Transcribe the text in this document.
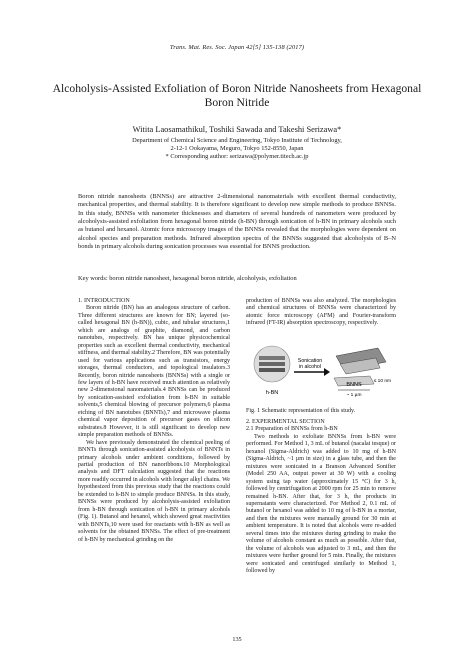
Trans. Mat. Res. Soc. Japan 42[5] 135-138 (2017)
Alcoholysis-Assisted Exfoliation of Boron Nitride Nanosheets from Hexagonal Boron Nitride
Witita Laosamathikul, Toshiki Sawada and Takeshi Serizawa*
Department of Chemical Science and Engineering, Tokyo Institute of Technology,
2-12-1 Ookayama, Meguro, Tokyo 152-8550, Japan
* Corresponding author: serizawa@polymer.titech.ac.jp
Boron nitride nanosheets (BNNSs) are attractive 2-dimensional nanomaterials with excellent thermal conductivity, mechanical properties, and thermal stability. It is therefore significant to develop new simple methods to produce BNNSs. In this study, BNNSs with nanometer thicknesses and diameters of several hundreds of nanometers were produced by alcoholysis-assisted exfoliation from hexagonal boron nitride (h-BN) through sonication of h-BN in primary alcohols such as butanol and hexanol. Atomic force microscopy images of the BNNSs revealed that the morphologies were dependent on alcohol species and preparation methods. Infrared absorption spectra of the BNNSs suggested that alcoholysis of B–N bonds in primary alcohols during sonication processes was essential for BNNS production.
Key words: boron nitride nanosheet, hexagonal boron nitride, alcoholysis, exfoliation

1. INTRODUCTION

Boron nitride (BN) has an analogous structure of carbon. Three different structures are known for BN; layered (so-called hexagonal BN (h-BN)), cubic, and tubular structures,1 which are analogs of graphite, diamond, and carbon nanotubes, respectively. BN has unique physicochemical properties such as excellent thermal conductivity, mechanical stiffness, and thermal stability.2 Therefore, BN was potentially used for various applications such as transistors, energy storages, thermal conductors, and topological insulators.3 Recently, boron nitride nanosheets (BNNSs) with a single or few layers of h-BN have received much attention as relatively new 2-dimensional nanomaterials.4 BNNSs can be produced by sonication-assisted exfoliation from h-BN in suitable solvents,5 chemical blowing of precursor polymers,6 plasma etching of BN nanotubes (BNNTs),7 and microwave plasma chemical vapor deposition of precursor gases on silicon substrates.8 However, it is still significant to develop new simple preparation methods of BNNSs.

We have previously demonstrated the chemical peeling of BNNTs through sonication-assisted alcoholysis of BNNTs in primary alcohols under ambient conditions, followed by partial production of BN nanoribbons.10 Morphological analysis and DFT calculation suggested that the reactions more readily occurred in alcohols with longer alkyl chains. We hypothesized from this previous study that the reactions could be extended to h-BN to simple produce BNNSs. In this study, BNNSs were produced by alcoholysis-assisted exfoliation from h-BN through sonication of h-BN in primary alcohols (Fig. 1). Butanol and hexanol, which showed great reactivities with BNNTs,10 were used for reactants with h-BN as well as solvents for the obtained BNNSs. The effect of pre-treatment of h-BN by mechanical grinding on the

production of BNNSs was also analyzed. The morphologies and chemical structures of BNNSs were characterized by atomic force microscopy (AFM) and Fourier-transform infrared (FT-IR) absorption spectroscopy, respectively.

h-BN
Sonication
in alcohol
~ 1 µm
BNNS
≤ 10 nm
Fig. 1 Schematic representation of this study.

2. EXPERIMENTAL SECTION

2.1 Preparation of BNNSs from h-BN

Two methods to exfoliate BNNSs from h-BN were performed. For Method 1, 3 mL of butanol (nacalai tesque) or hexanol (Sigma-Aldrich) was added to 10 mg of h-BN (Sigma-Aldrich, ~1 µm in size) in a glass tube, and then the mixtures were sonicated in a Branson Advanced Sonifier (Model 250 AA, output power at 30 W) with a cooling system using tap water (approximately 15 °C) for 3 h, followed by centrifugation at 2000 rpm for 25 min to remove remained h-BN. After that, for 3 h, the products in supernatants were characterized. For Method 2, 0.1 mL of butanol or hexanol was added to 10 mg of h-BN in a mortar, and then the mixtures were manually ground for 30 min at ambient temperature. It is noted that alcohols were re-added several times into the mixtures during grinding to make the volume of alcohols constant as much as possible. After that, the volume of alcohols was adjusted to 3 mL, and then the mixtures were further ground for 5 min. Finally, the mixtures were sonicated and centrifuged similarly to Method 1, followed by

135
